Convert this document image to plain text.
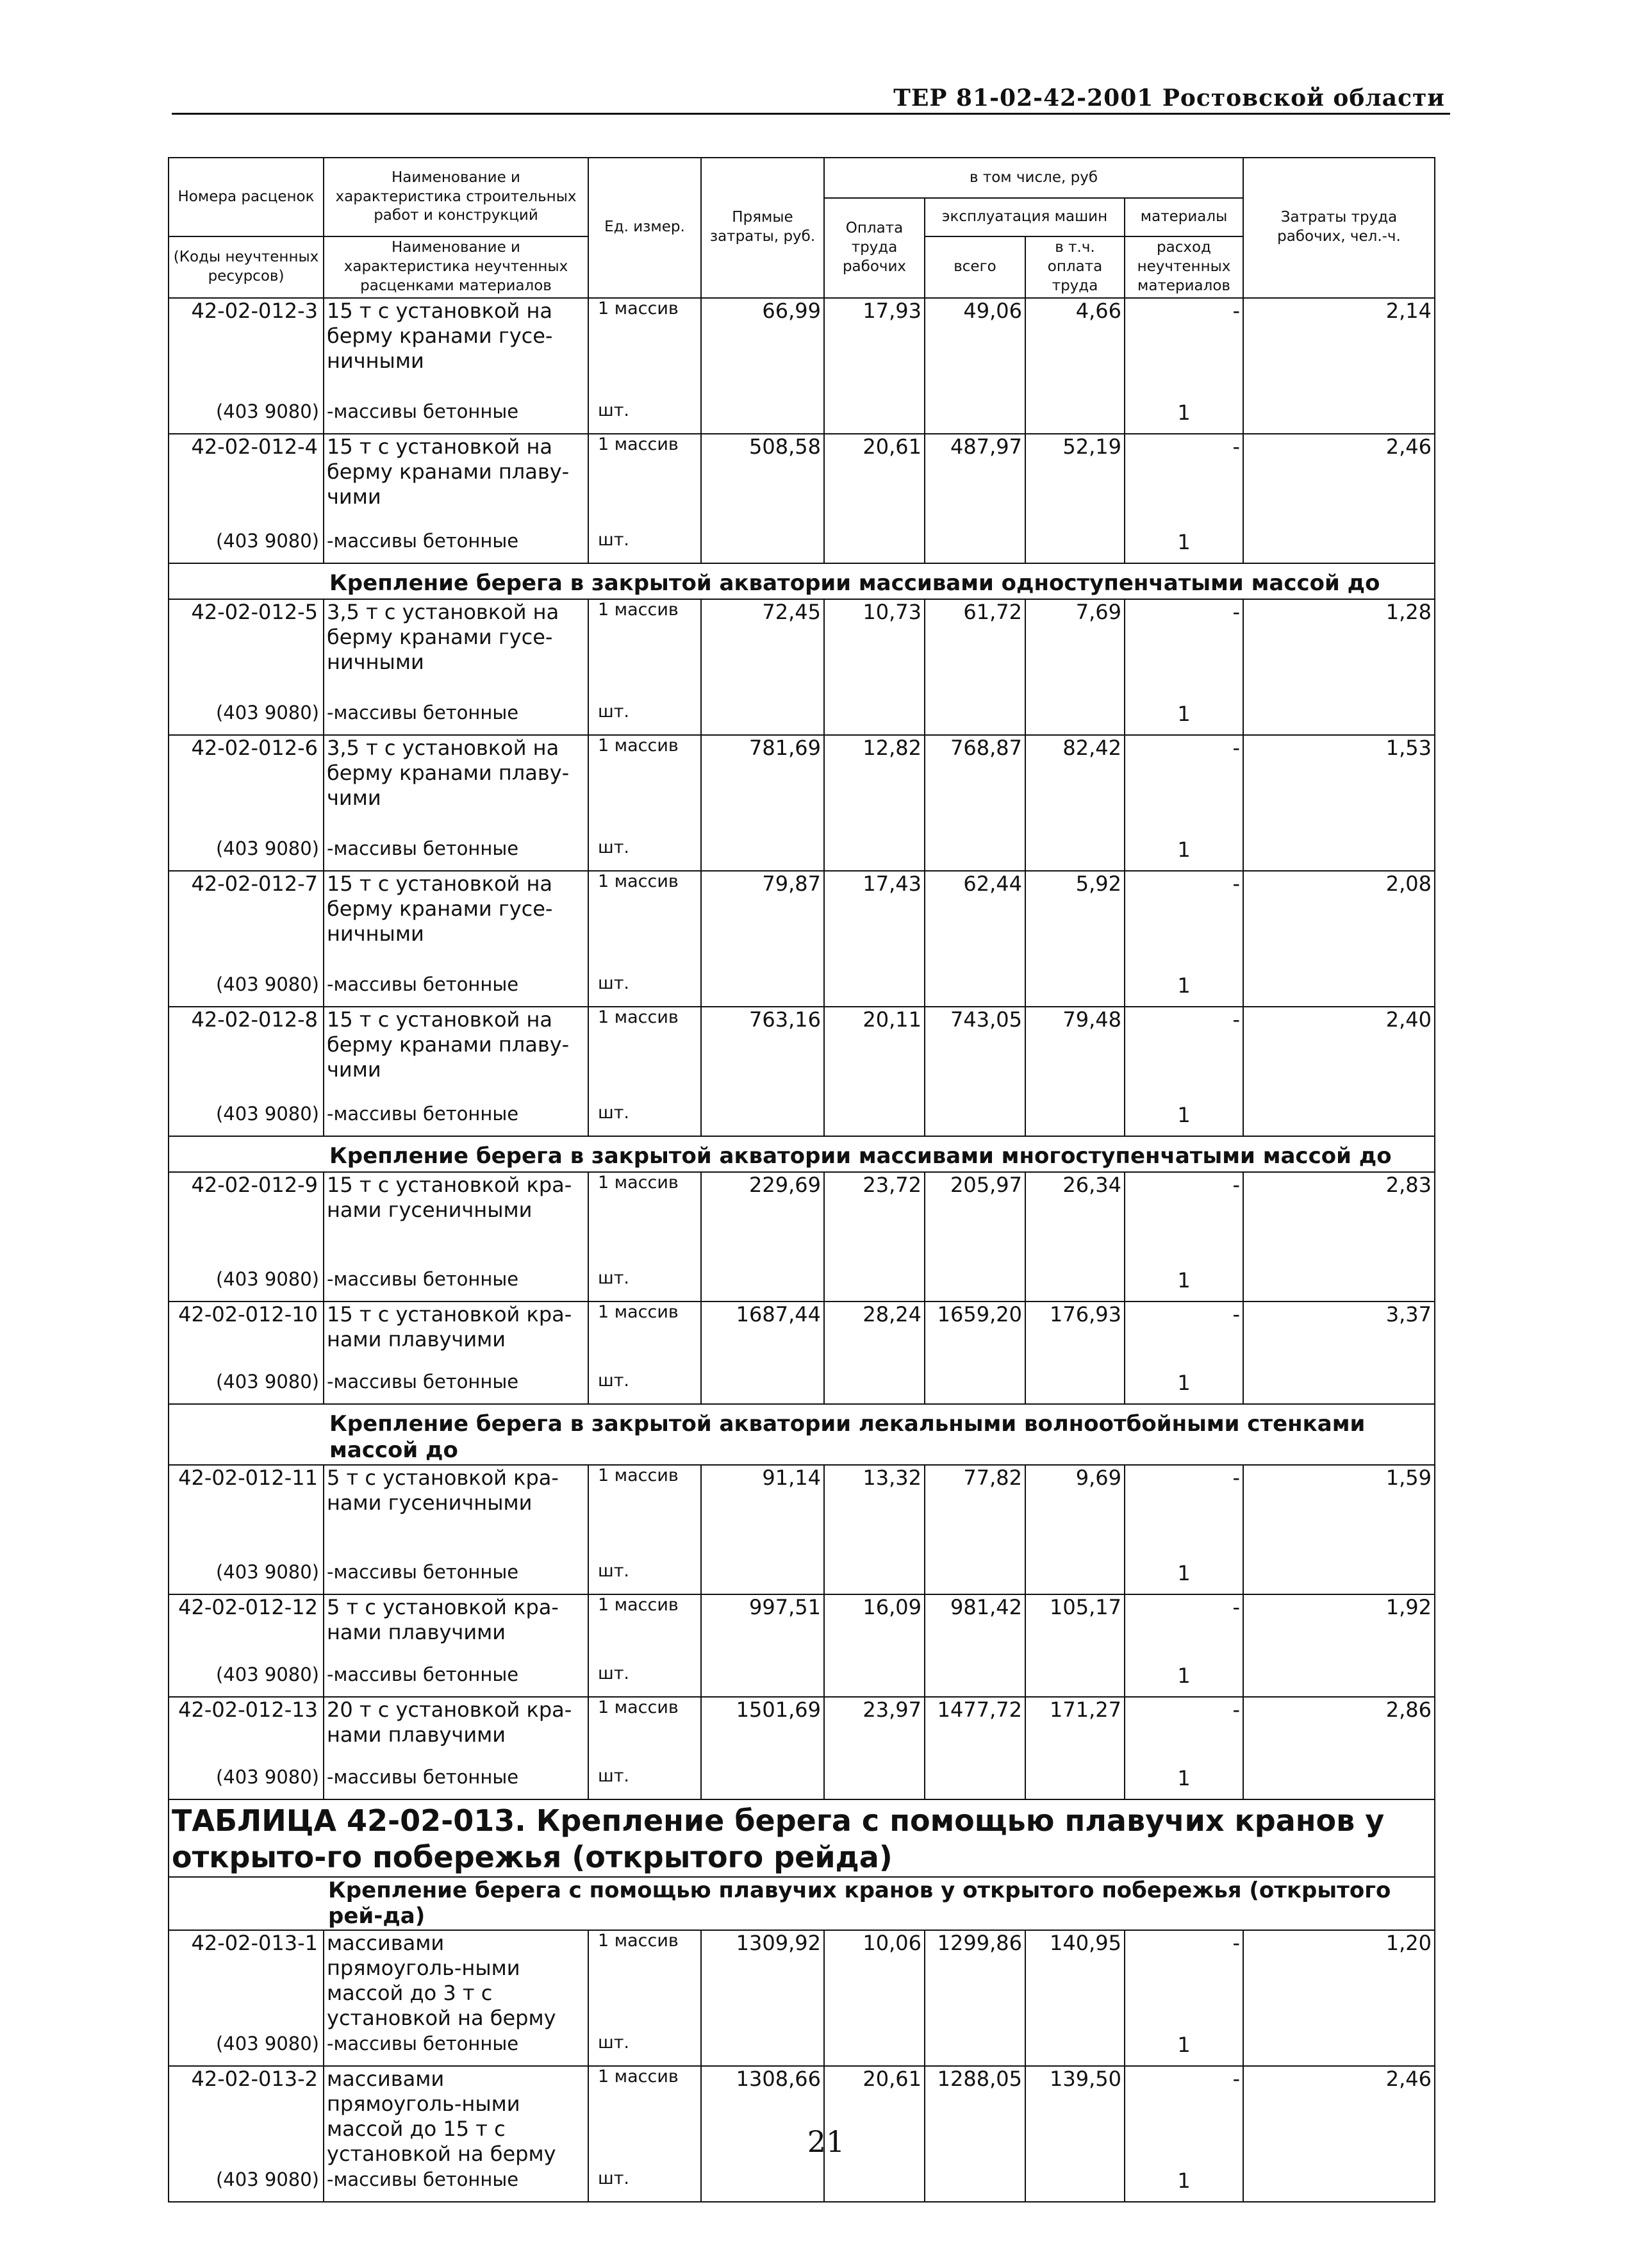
ТЕР 81-02-42-2001 Ростовской области
Номера расценок	Наименование и характеристика строительных работ и конструкций	Ед. измер.	Прямые затраты, руб.	в том числе, руб				Затраты труда рабочих, чел.-ч.
				Оплата труда рабочих	эксплуатация машин		материалы	
(Коды неучтенных ресурсов)	Наименование и характеристика неучтенных расценками материалов				всего	в т.ч. оплата труда	расход неучтенных материалов	

42-02-012-3	15 т с установкой на берму кранами гусе-ничными	1 массив	66,99	17,93	49,06	4,66	-	2,14
(403 9080)	-массивы бетонные	шт.					1	
42-02-012-4	15 т с установкой на берму кранами плаву-чими	1 массив	508,58	20,61	487,97	52,19	-	2,46
(403 9080)	-массивы бетонные	шт.					1	
Крепление берега в закрытой акватории массивами одноступенчатыми массой до								
42-02-012-5	3,5 т с установкой на берму кранами гусе-ничными	1 массив	72,45	10,73	61,72	7,69	-	1,28
(403 9080)	-массивы бетонные	шт.					1	
42-02-012-6	3,5 т с установкой на берму кранами плаву-чими	1 массив	781,69	12,82	768,87	82,42	-	1,53
(403 9080)	-массивы бетонные	шт.					1	
42-02-012-7	15 т с установкой на берму кранами гусе-ничными	1 массив	79,87	17,43	62,44	5,92	-	2,08
(403 9080)	-массивы бетонные	шт.					1	
42-02-012-8	15 т с установкой на берму кранами плаву-чими	1 массив	763,16	20,11	743,05	79,48	-	2,40
(403 9080)	-массивы бетонные	шт.					1	
Крепление берега в закрытой акватории массивами многоступенчатыми массой до								
42-02-012-9	15 т с установкой кра-нами гусеничными	1 массив	229,69	23,72	205,97	26,34	-	2,83
(403 9080)	-массивы бетонные	шт.					1	
42-02-012-10	15 т с установкой кра-нами плавучими	1 массив	1687,44	28,24	1659,20	176,93	-	3,37
(403 9080)	-массивы бетонные	шт.					1	
Крепление берега в закрытой акватории лекальными волноотбойными стенками массой до								
42-02-012-11	5 т с установкой кра-нами гусеничными	1 массив	91,14	13,32	77,82	9,69	-	1,59
(403 9080)	-массивы бетонные	шт.					1	
42-02-012-12	5 т с установкой кра-нами плавучими	1 массив	997,51	16,09	981,42	105,17	-	1,92
(403 9080)	-массивы бетонные	шт.					1	
42-02-012-13	20 т с установкой кра-нами плавучими	1 массив	1501,69	23,97	1477,72	171,27	-	2,86
(403 9080)	-массивы бетонные	шт.					1	
ТАБЛИЦА 42-02-013. Крепление берега с помощью плавучих кранов у открыто-го побережья (открытого рейда)								
Крепление берега с помощью плавучих кранов у открытого побережья (открытого рей-да)								
42-02-013-1	массивами прямоуголь-ными массой до 3 т с установкой на берму	1 массив	1309,92	10,06	1299,86	140,95	-	1,20
(403 9080)	-массивы бетонные	шт.					1	
42-02-013-2	массивами прямоуголь-ными массой до 15 т с установкой на берму	1 массив	1308,66	20,61	1288,05	139,50	-	2,46
(403 9080)	-массивы бетонные	шт.					1	
21
